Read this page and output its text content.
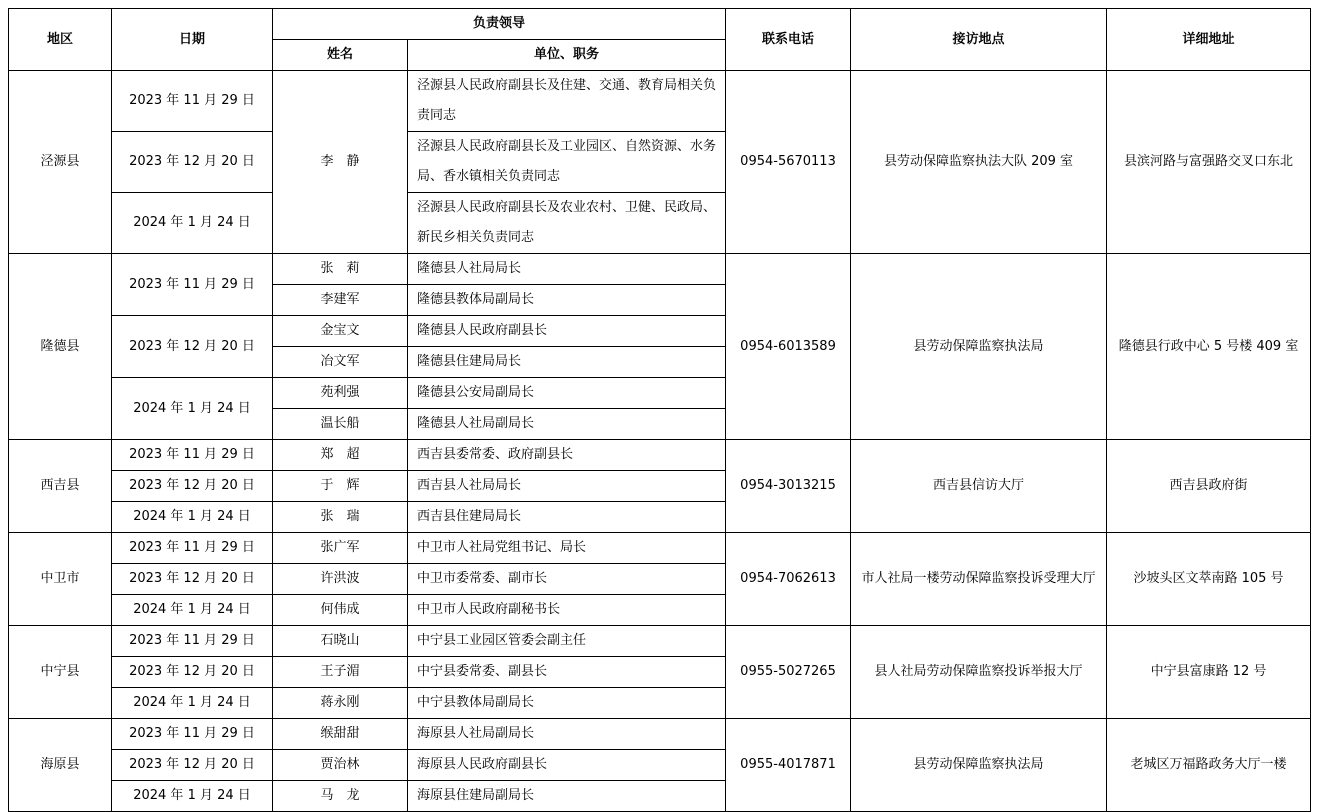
地区	日期	负责领导		联系电话	接访地点	详细地址
		姓名	单位、职务			
泾源县	2023 年 11 月 29 日	李　静	泾源县人民政府副县长及住建、交通、教育局相关负责同志	0954-5670113	县劳动保障监察执法大队 209 室	县滨河路与富强路交叉口东北
	2023 年 12 月 20 日		泾源县人民政府副县长及工业园区、自然资源、水务局、香水镇相关负责同志			
	2024 年 1 月 24 日		泾源县人民政府副县长及农业农村、卫健、民政局、新民乡相关负责同志			
隆德县	2023 年 11 月 29 日	张　莉	隆德县人社局局长	0954-6013589	县劳动保障监察执法局	隆德县行政中心 5 号楼 409 室
		李建军	隆德县教体局副局长			
	2023 年 12 月 20 日	金宝文	隆德县人民政府副县长			
		冶文军	隆德县住建局局长			
	2024 年 1 月 24 日	苑利强	隆德县公安局副局长			
		温长船	隆德县人社局副局长			
西吉县	2023 年 11 月 29 日	郑　超	西吉县委常委、政府副县长	0954-3013215	西吉县信访大厅	西吉县政府街
	2023 年 12 月 20 日	于　辉	西吉县人社局局长			
	2024 年 1 月 24 日	张　瑞	西吉县住建局局长			
中卫市	2023 年 11 月 29 日	张广军	中卫市人社局党组书记、局长	0954-7062613	市人社局一楼劳动保障监察投诉受理大厅	沙坡头区文萃南路 105 号
	2023 年 12 月 20 日	许洪波	中卫市委常委、副市长			
	2024 年 1 月 24 日	何伟成	中卫市人民政府副秘书长			
中宁县	2023 年 11 月 29 日	石晓山	中宁县工业园区管委会副主任	0955-5027265	县人社局劳动保障监察投诉举报大厅	中宁县富康路 12 号
	2023 年 12 月 20 日	王子湄	中宁县委常委、副县长			
	2024 年 1 月 24 日	蒋永刚	中宁县教体局副局长			
海原县	2023 年 11 月 29 日	缑甜甜	海原县人社局副局长	0955-4017871	县劳动保障监察执法局	老城区万福路政务大厅一楼
	2023 年 12 月 20 日	贾治林	海原县人民政府副县长			
	2024 年 1 月 24 日	马　龙	海原县住建局副局长			
